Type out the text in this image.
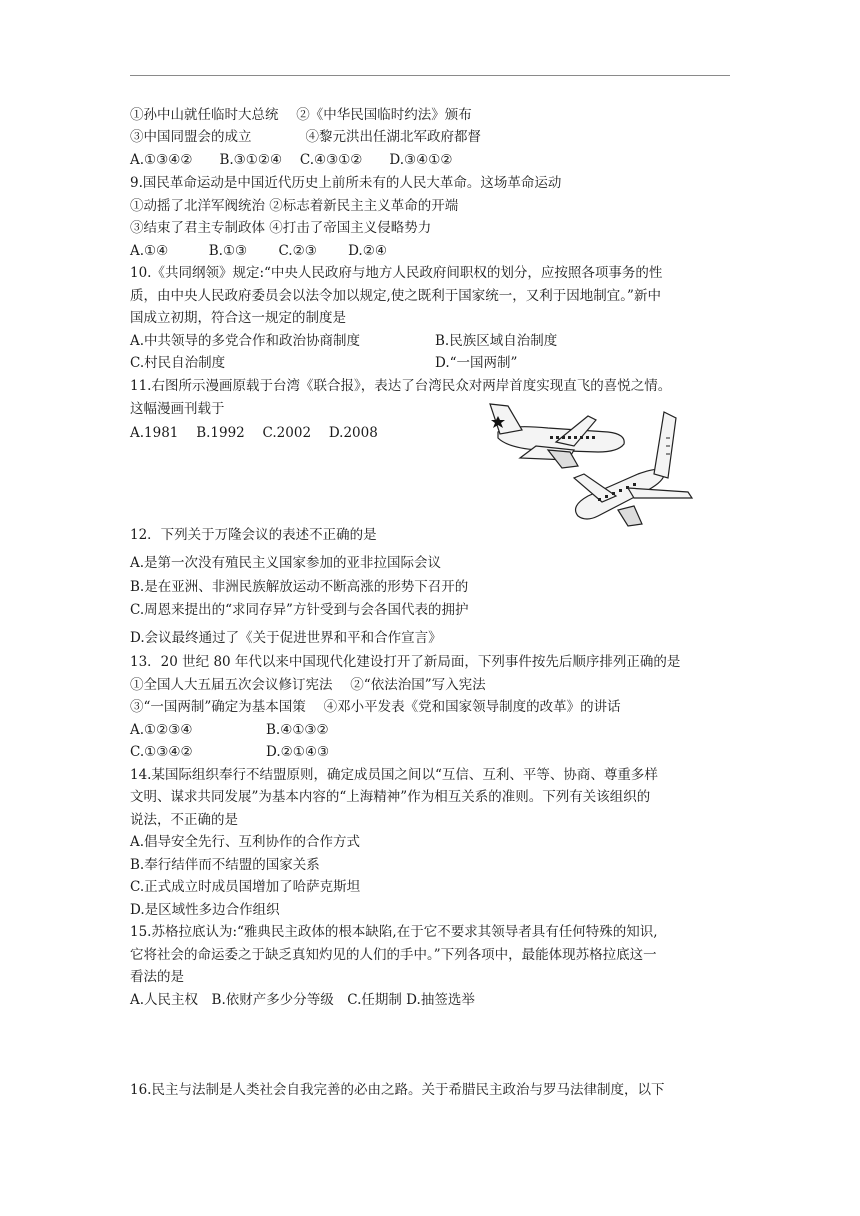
①孙中山就任临时大总统　 ②《中华民国临时约法》颁布
③中国同盟会的成立　　　　④黎元洪出任湖北军政府都督
A.①③④②　　B.③①②④　 C.④③①②　　D.③④①②
9.国民革命运动是中国近代历史上前所未有的人民大革命。这场革命运动
①动摇了北洋军阀统治 ②标志着新民主主义革命的开端
③结束了君主专制政体 ④打击了帝国主义侵略势力
A.①④　　　B.①③　　 C.②③　　 D.②④
10.《共同纲领》规定:“中央人民政府与地方人民政府间职权的划分，应按照各项事务的性
质，由中央人民政府委员会以法令加以规定,使之既利于国家统一，又利于因地制宜。”新中
国成立初期，符合这一规定的制度是
A.中共领导的多党合作和政治协商制度	B.民族区域自治制度
C.村民自治制度	D.“一国两制”
11.右图所示漫画原载于台湾《联合报》，表达了台湾民众对两岸首度实现直飞的喜悦之情。
这幅漫画刊载于
A.1981　 B.1992　 C.2002　 D.2008
12．下列关于万隆会议的表述不正确的是
A.是第一次没有殖民主义国家参加的亚非拉国际会议
B.是在亚洲、非洲民族解放运动不断高涨的形势下召开的
C.周恩来提出的“求同存异”方针受到与会各国代表的拥护
D.会议最终通过了《关于促进世界和平和合作宣言》
13．20 世纪 80 年代以来中国现代化建设打开了新局面，下列事件按先后顺序排列正确的是
①全国人大五届五次会议修订宪法　 ②“依法治国”写入宪法
③“一国两制”确定为基本国策　 ④邓小平发表《党和国家领导制度的改革》的讲话
A.①②③④	B.④①③②
C.①③④②	D.②①④③
14.某国际组织奉行不结盟原则，确定成员国之间以“互信、互利、平等、协商、尊重多样
文明、谋求共同发展”为基本内容的“上海精神”作为相互关系的准则。下列有关该组织的
说法，不正确的是
A.倡导安全先行、互利协作的合作方式
B.奉行结伴而不结盟的国家关系
C.正式成立时成员国增加了哈萨克斯坦
D.是区域性多边合作组织
15.苏格拉底认为:“雅典民主政体的根本缺陷,在于它不要求其领导者具有任何特殊的知识,
它将社会的命运委之于缺乏真知灼见的人们的手中。”下列各项中，最能体现苏格拉底这一
看法的是
A.人民主权　B.依财产多少分等级　C.任期制 D.抽签选举
16.民主与法制是人类社会自我完善的必由之路。关于希腊民主政治与罗马法律制度，以下
